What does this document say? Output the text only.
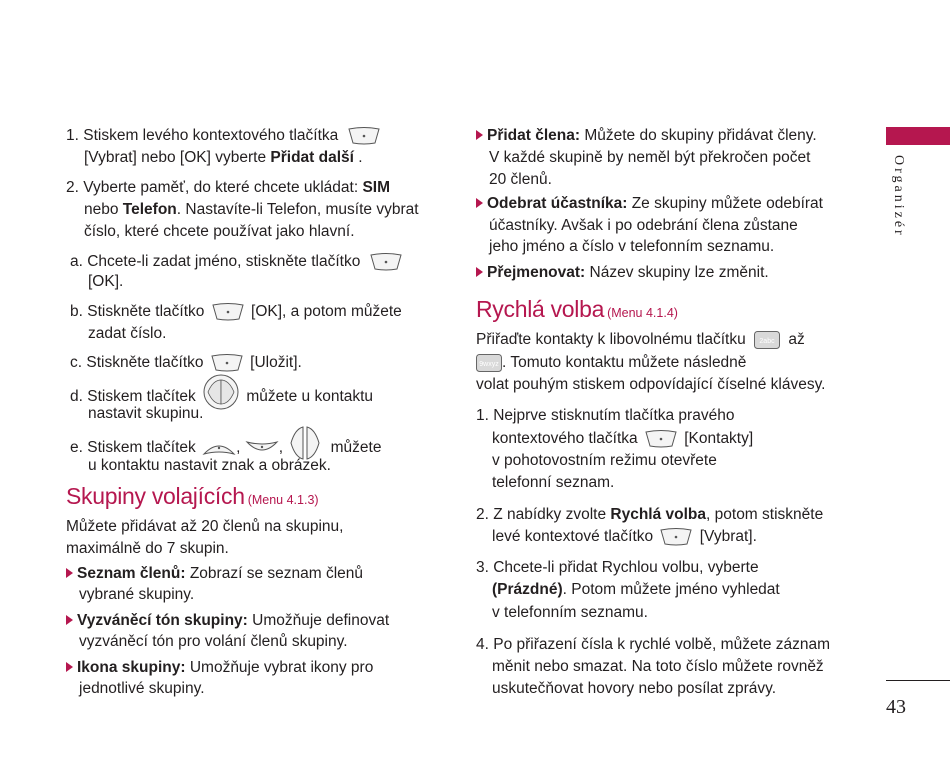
1. Stiskem levého kontextového tlačítka
[Vybrat] nebo [OK] vyberte Přidat další .
2. Vyberte paměť, do které chcete ukládat: SIM
nebo Telefon. Nastavíte-li Telefon, musíte vybrat
číslo, které chcete používat jako hlavní.
a. Chcete-li zadat jméno, stiskněte tlačítko
[OK].
b. Stiskněte tlačítko	[OK], a potom můžete
zadat číslo.
c. Stiskněte tlačítko	[Uložit].
d. Stiskem tlačítek	můžete u kontaktu
nastavit skupinu.
e. Stiskem tlačítek	, ,	můžete
u kontaktu nastavit znak a obrázek.
Skupiny volajících (Menu 4.1.3)
Můžete přidávat až 20 členů na skupinu,
maximálně do 7 skupin.
Seznam členů: Zobrazí se seznam členů
vybrané skupiny.
Vyzváněcí tón skupiny: Umožňuje definovat
vyzváněcí tón pro volání členů skupiny.
Ikona skupiny: Umožňuje vybrat ikony pro
jednotlivé skupiny.
Přidat člena: Můžete do skupiny přidávat členy.
V každé skupině by neměl být překročen počet
20 členů.
Odebrat účastníka: Ze skupiny můžete odebírat
účastníky. Avšak i po odebrání člena zůstane
jeho jméno a číslo v telefonním seznamu.
Přejmenovat: Název skupiny lze změnit.
Rychlá volba (Menu 4.1.4)
Přiřaďte kontakty k libovolnému tlačítku 2abc až
9wxyz . Tomuto kontaktu můžete následně
volat pouhým stiskem odpovídající číselné klávesy.
1. Nejprve stisknutím tlačítka pravého
kontextového tlačítka	[Kontakty]
v pohotovostním režimu otevřete
telefonní seznam.
2. Z nabídky zvolte Rychlá volba, potom stiskněte
levé kontextové tlačítko	[Vybrat].
3. Chcete-li přidat Rychlou volbu, vyberte
(Prázdné). Potom můžete jméno vyhledat
v telefonním seznamu.
4. Po přiřazení čísla k rychlé volbě, můžete záznam
měnit nebo smazat. Na toto číslo můžete rovněž
uskutečňovat hovory nebo posílat zprávy.
Organizér
43
